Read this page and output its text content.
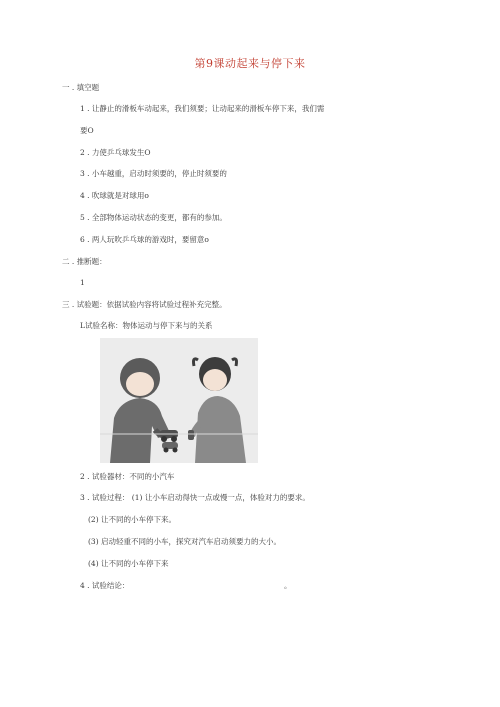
第9课动起来与停下来
一 . 填空题
1 . 让静止的滑板车动起来，我们须要；让动起来的滑板车停下来，我们需
要O
2 . 力使乒乓球发生O
3 . 小车越重，启动时须要的，停止时须要的
4 . 吹球就是对球用o
5 . 全部物体运动状态的变更，都有的参加。
6 . 两人玩吹乒乓球的游戏时，要留意o
二 . 推断题：
1
三 . 试验题：依据试验内容将试验过程补充完整。
L试验名称：物体运动与停下来与的关系
2 . 试验器材：不同的小汽车
3 . 试验过程： (1) 让小车启动得快一点或慢一点，体验对力的要求。
(2) 让不同的小车停下来。
(3) 启动轻重不同的小车，探究对汽车启动须要力的大小。
(4) 让不同的小车停下来
4 . 试验结论：	。
